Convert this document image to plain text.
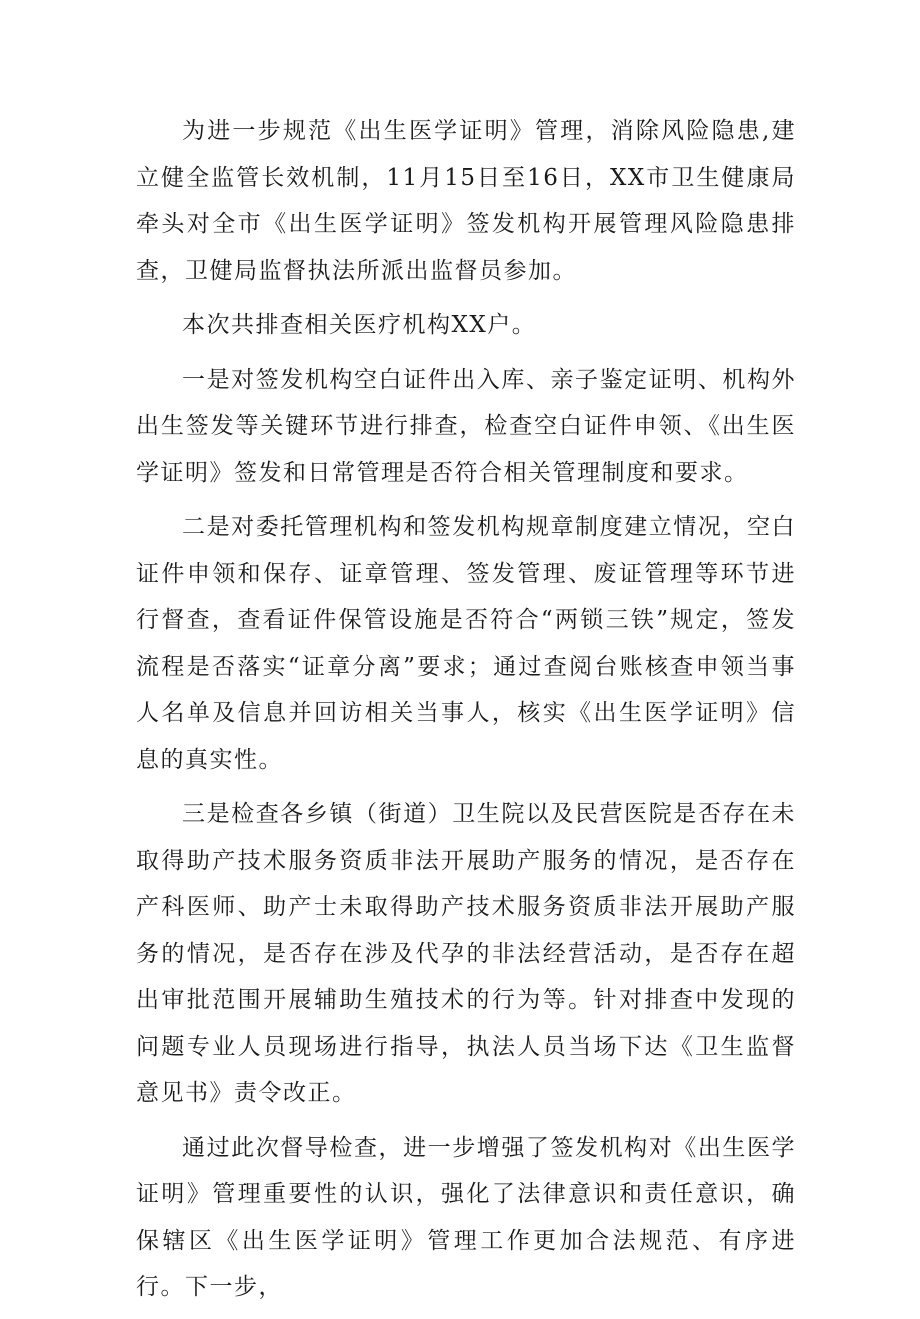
为进一步规范《出生医学证明》管理，消除风险隐患,建立健全监管长效机制，11月15日至16日，XX市卫生健康局牵头对全市《出生医学证明》签发机构开展管理风险隐患排查，卫健局监督执法所派出监督员参加。

本次共排查相关医疗机构XX户。

一是对签发机构空白证件出入库、亲子鉴定证明、机构外出生签发等关键环节进行排查，检查空白证件申领、《出生医学证明》签发和日常管理是否符合相关管理制度和要求。

二是对委托管理机构和签发机构规章制度建立情况，空白证件申领和保存、证章管理、签发管理、废证管理等环节进行督查，查看证件保管设施是否符合“两锁三铁”规定，签发流程是否落实“证章分离”要求；通过查阅台账核查申领当事人名单及信息并回访相关当事人，核实《出生医学证明》信息的真实性。

三是检查各乡镇（街道）卫生院以及民营医院是否存在未取得助产技术服务资质非法开展助产服务的情况，是否存在产科医师、助产士未取得助产技术服务资质非法开展助产服务的情况，是否存在涉及代孕的非法经营活动，是否存在超出审批范围开展辅助生殖技术的行为等。针对排查中发现的问题专业人员现场进行指导，执法人员当场下达《卫生监督意见书》责令改正。

通过此次督导检查，进一步增强了签发机构对《出生医学证明》管理重要性的认识，强化了法律意识和责任意识，确保辖区《出生医学证明》管理工作更加合法规范、有序进行。下一步，
